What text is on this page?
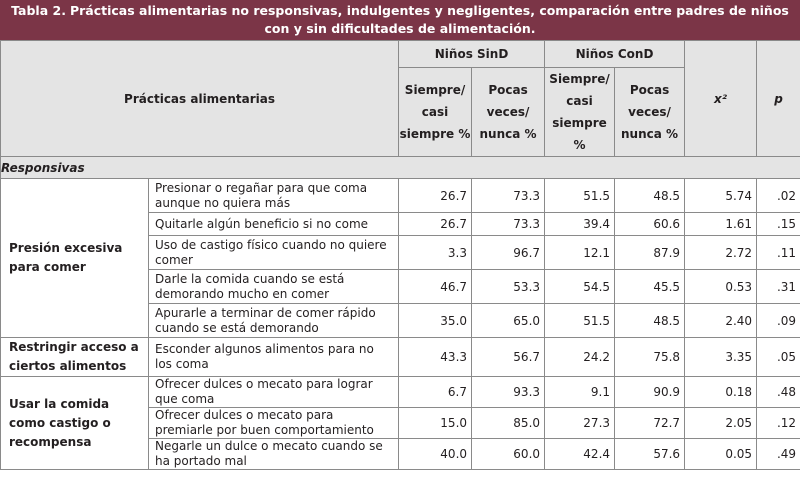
Tabla 2. Prácticas alimentarias no responsivas, indulgentes y negligentes, comparación entre padres de niños con y sin dificultades de alimentación.
Prácticas alimentarias		Niños SinD		Niños ConD		x²	p
		Siempre/ casi siempre %	Pocas veces/ nunca %	Siempre/ casi siempre %	Pocas veces/ nunca %		
Responsivas							
Presión excesiva para comer	Presionar o regañar para que coma aunque no quiera más	26.7	73.3	51.5	48.5	5.74	.02
	Quitarle algún beneficio si no come	26.7	73.3	39.4	60.6	1.61	.15
	Uso de castigo físico cuando no quiere comer	3.3	96.7	12.1	87.9	2.72	.11
	Darle la comida cuando se está demorando mucho en comer	46.7	53.3	54.5	45.5	0.53	.31
	Apurarle a terminar de comer rápido cuando se está demorando	35.0	65.0	51.5	48.5	2.40	.09
Restringir acceso a ciertos alimentos	Esconder algunos alimentos para no los coma	43.3	56.7	24.2	75.8	3.35	.05
Usar la comida como castigo o recompensa	Ofrecer dulces o mecato para lograr que coma	6.7	93.3	9.1	90.9	0.18	.48
	Ofrecer dulces o mecato para premiarle por buen comportamiento	15.0	85.0	27.3	72.7	2.05	.12
	Negarle un dulce o mecato cuando se ha portado mal	40.0	60.0	42.4	57.6	0.05	.49
